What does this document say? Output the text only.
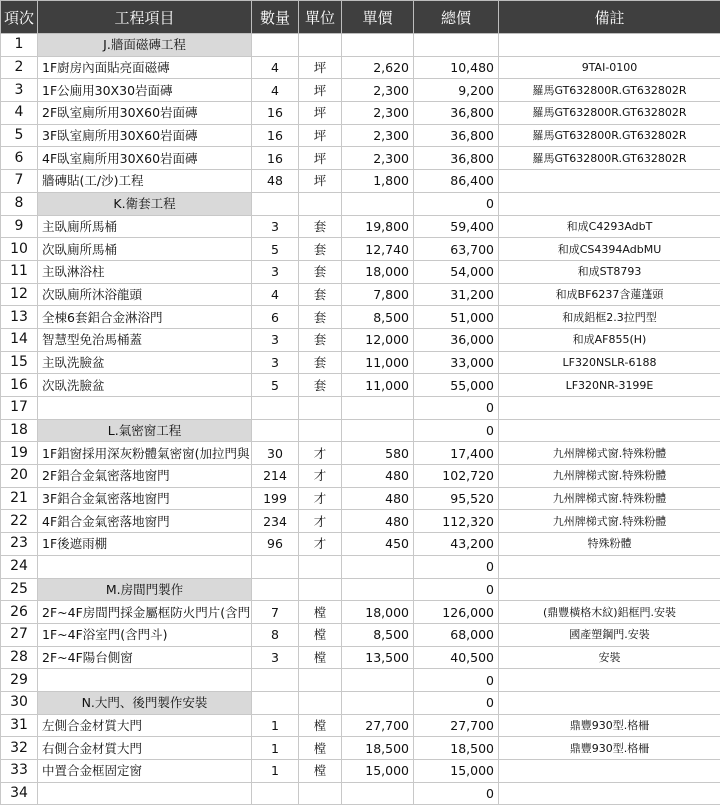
項次	工程項目	數量	單位	單價	總價	備註
1	J.牆面磁磚工程					
2	1F廚房內面貼亮面磁磚	4	坪	2,620	10,480	9TAI-0100
3	1F公廁用30X30岩面磚	4	坪	2,300	9,200	羅馬GT632800R.GT632802R
4	2F臥室廁所用30X60岩面磚	16	坪	2,300	36,800	羅馬GT632800R.GT632802R
5	3F臥室廁所用30X60岩面磚	16	坪	2,300	36,800	羅馬GT632800R.GT632802R
6	4F臥室廁所用30X60岩面磚	16	坪	2,300	36,800	羅馬GT632800R.GT632802R
7	牆磚貼(工/沙)工程	48	坪	1,800	86,400	
8	K.衛套工程				0	
9	主臥廁所馬桶	3	套	19,800	59,400	和成C4293AdbT
10	次臥廁所馬桶	5	套	12,740	63,700	和成CS4394AdbMU
11	主臥淋浴柱	3	套	18,000	54,000	和成ST8793
12	次臥廁所沐浴龍頭	4	套	7,800	31,200	和成BF6237含蓮蓬頭
13	全棟6套鋁合金淋浴門	6	套	8,500	51,000	和成鋁框2.3拉門型
14	智慧型免治馬桶蓋	3	套	12,000	36,000	和成AF855(H)
15	主臥洗臉盆	3	套	11,000	33,000	LF320NSLR-6188
16	次臥洗臉盆	5	套	11,000	55,000	LF320NR-3199E
17					0	
18	L.氣密窗工程				0	
19	1F鋁窗採用深灰粉體氣密窗(加拉門與	30	才	580	17,400	九州牌梯式窗.特殊粉體
20	2F鋁合金氣密落地窗門	214	才	480	102,720	九州牌梯式窗.特殊粉體
21	3F鋁合金氣密落地窗門	199	才	480	95,520	九州牌梯式窗.特殊粉體
22	4F鋁合金氣密落地窗門	234	才	480	112,320	九州牌梯式窗.特殊粉體
23	1F後遮雨棚	96	才	450	43,200	特殊粉體
24					0	
25	M.房間門製作				0	
26	2F~4F房間門採金屬框防火門片(含門	7	樘	18,000	126,000	(鼎豐橫格木紋)鋁框門.安裝
27	1F~4F浴室門(含門斗)	8	樘	8,500	68,000	國產塑鋼門.安裝
28	2F~4F陽台側窗	3	樘	13,500	40,500	安裝
29					0	
30	N.大門、後門製作安裝				0	
31	左側合金材質大門	1	樘	27,700	27,700	鼎豐930型.格柵
32	右側合金材質大門	1	樘	18,500	18,500	鼎豐930型.格柵
33	中置合金框固定窗	1	樘	15,000	15,000	
34					0	
